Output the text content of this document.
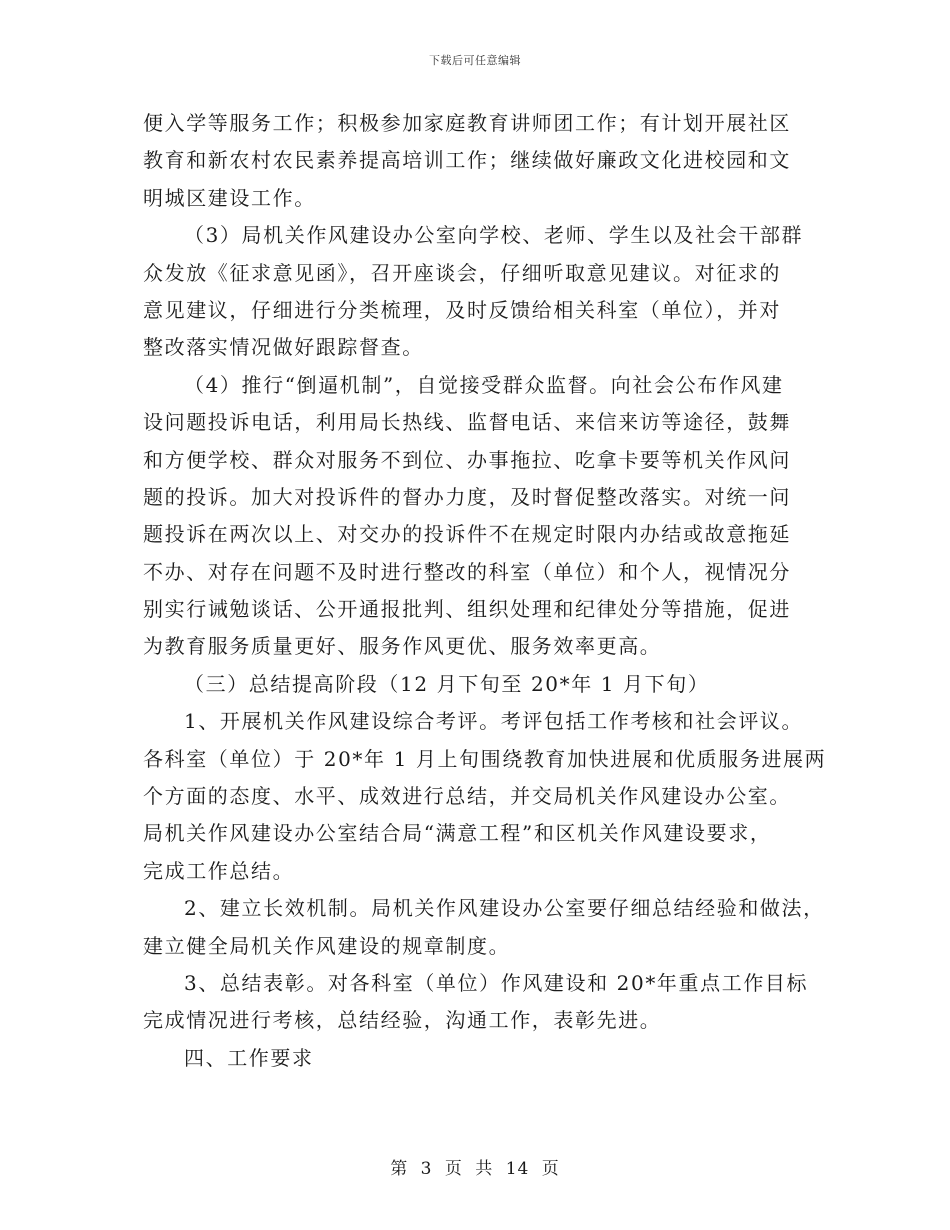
下载后可任意编辑
便入学等服务工作；积极参加家庭教育讲师团工作；有计划开展社区
教育和新农村农民素养提高培训工作；继续做好廉政文化进校园和文
明城区建设工作。
（3）局机关作风建设办公室向学校、老师、学生以及社会干部群
众发放《征求意见函》，召开座谈会，仔细听取意见建议。对征求的
意见建议，仔细进行分类梳理，及时反馈给相关科室（单位），并对
整改落实情况做好跟踪督查。
（4）推行“倒逼机制”，自觉接受群众监督。向社会公布作风建
设问题投诉电话，利用局长热线、监督电话、来信来访等途径，鼓舞
和方便学校、群众对服务不到位、办事拖拉、吃拿卡要等机关作风问
题的投诉。加大对投诉件的督办力度，及时督促整改落实。对统一问
题投诉在两次以上、对交办的投诉件不在规定时限内办结或故意拖延
不办、对存在问题不及时进行整改的科室（单位）和个人，视情况分
别实行诫勉谈话、公开通报批判、组织处理和纪律处分等措施，促进
为教育服务质量更好、服务作风更优、服务效率更高。
（三）总结提高阶段（12 月下旬至 20*年 1 月下旬）
1、开展机关作风建设综合考评。考评包括工作考核和社会评议。
各科室（单位）于 20*年 1 月上旬围绕教育加快进展和优质服务进展两
个方面的态度、水平、成效进行总结，并交局机关作风建设办公室。
局机关作风建设办公室结合局“满意工程”和区机关作风建设要求，
完成工作总结。
2、建立长效机制。局机关作风建设办公室要仔细总结经验和做法，
建立健全局机关作风建设的规章制度。
3、总结表彰。对各科室（单位）作风建设和 20*年重点工作目标
完成情况进行考核，总结经验，沟通工作，表彰先进。
四、工作要求
第 3 页 共 14 页
